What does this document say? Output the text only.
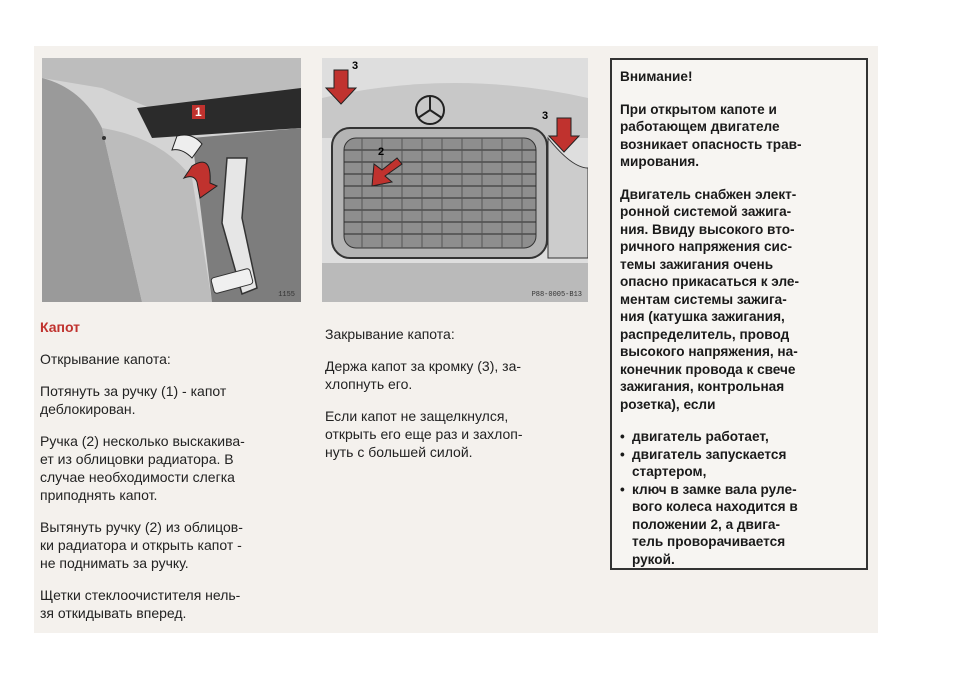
1
1155
3
3
2
P88-0005-B13
Капот

Открывание капота:

Потянуть за ручку (1) - капот
деблокирован.

Ручка (2) несколько выскакива-
ет из облицовки радиатора. В
случае необходимости слегка
приподнять капот.

Вытянуть ручку (2) из облицов-
ки радиатора и открыть капот -
не поднимать за ручку.

Щетки стеклоочистителя нель-
зя откидывать вперед.

Закрывание капота:

Держа капот за кромку (3), за-
хлопнуть его.

Если капот не защелкнулся,
открыть его еще раз и захлоп-
нуть с большей силой.

Внимание!

При открытом капоте и
работающем двигателе
возникает опасность трав-
мирования.

Двигатель снабжен элект-
ронной системой зажига-
ния. Ввиду высокого вто-
ричного напряжения сис-
темы зажигания очень
опасно прикасаться к эле-
ментам системы зажига-
ния (катушка зажигания,
распределитель, провод
высокого напряжения, на-
конечник провода к свече
зажигания, контрольная
розетка), если

• двигатель работает,
• двигатель запускается
стартером,
• ключ в замке вала руле-
вого колеса находится в
положении 2, а двига-
тель проворачивается
рукой.
